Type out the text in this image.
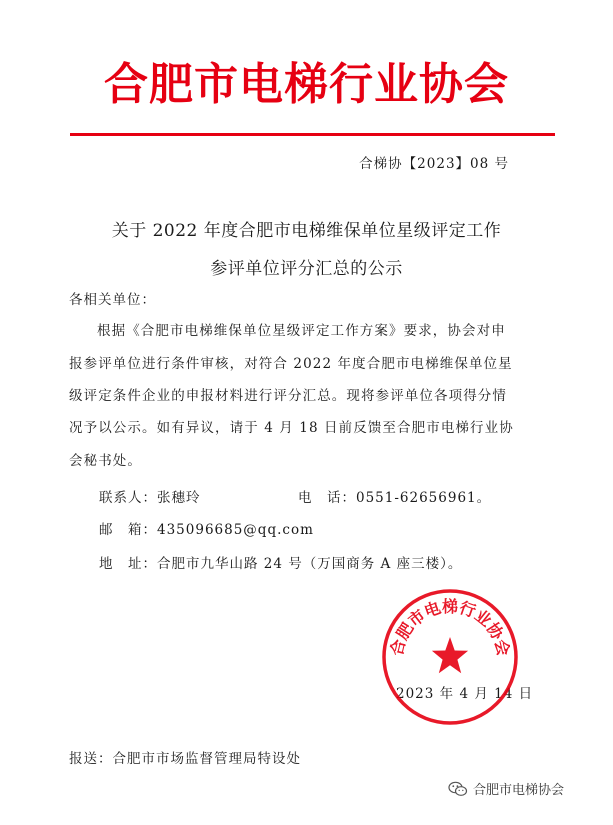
合肥市电梯行业协会
合梯协【2023】08 号
关于 2022 年度合肥市电梯维保单位星级评定工作
参评单位评分汇总的公示
各相关单位：
根据《合肥市电梯维保单位星级评定工作方案》要求，协会对申
报参评单位进行条件审核，对符合 2022 年度合肥市电梯维保单位星
级评定条件企业的申报材料进行评分汇总。现将参评单位各项得分情
况予以公示。如有异议，请于 4 月 18 日前反馈至合肥市电梯行业协
会秘书处。
联系人：张穗玲	电　话：0551-62656961。
邮　箱：435096685@qq.com
地　址：合肥市九华山路 24 号（万国商务 A 座三楼）。
2023 年 4 月 14 日
合肥市电梯行业协会
报送：合肥市市场监督管理局特设处
合肥市电梯协会
